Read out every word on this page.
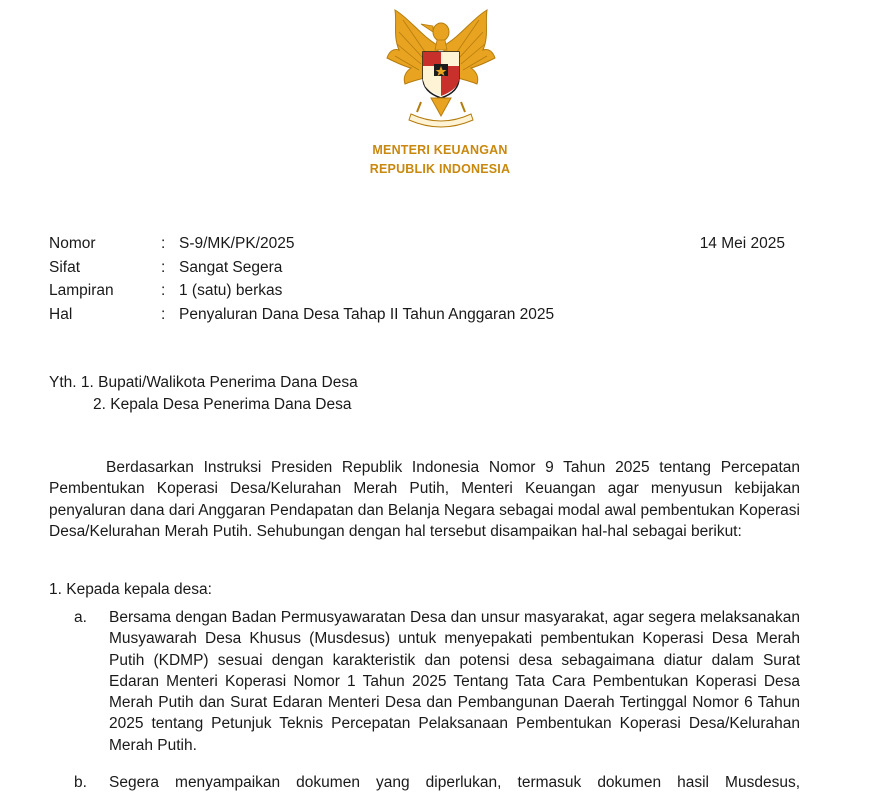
MENTERI KEUANGAN
REPUBLIK INDONESIA
Nomor	: S-9/MK/PK/2025	14 Mei 2025
Sifat	: Sangat Segera
Lampiran	: 1 (satu) berkas
Hal	: Penyaluran Dana Desa Tahap II Tahun Anggaran 2025
Yth. 1. Bupati/Walikota Penerima Dana Desa
2. Kepala Desa Penerima Dana Desa
Berdasarkan Instruksi Presiden Republik Indonesia Nomor 9 Tahun 2025 tentang Percepatan Pembentukan Koperasi Desa/Kelurahan Merah Putih, Menteri Keuangan agar menyusun kebijakan penyaluran dana dari Anggaran Pendapatan dan Belanja Negara sebagai modal awal pembentukan Koperasi Desa/Kelurahan Merah Putih. Sehubungan dengan hal tersebut disampaikan hal-hal sebagai berikut:
1. Kepada kepala desa:
a. Bersama dengan Badan Permusyawaratan Desa dan unsur masyarakat, agar segera melaksanakan Musyawarah Desa Khusus (Musdesus) untuk menyepakati pembentukan Koperasi Desa Merah Putih (KDMP) sesuai dengan karakteristik dan potensi desa sebagaimana diatur dalam Surat Edaran Menteri Koperasi Nomor 1 Tahun 2025 Tentang Tata Cara Pembentukan Koperasi Desa Merah Putih dan Surat Edaran Menteri Desa dan Pembangunan Daerah Tertinggal Nomor 6 Tahun 2025 tentang Petunjuk Teknis Percepatan Pelaksanaan Pembentukan Koperasi Desa/Kelurahan Merah Putih.
b. Segera menyampaikan dokumen yang diperlukan, termasuk dokumen hasil Musdesus,
